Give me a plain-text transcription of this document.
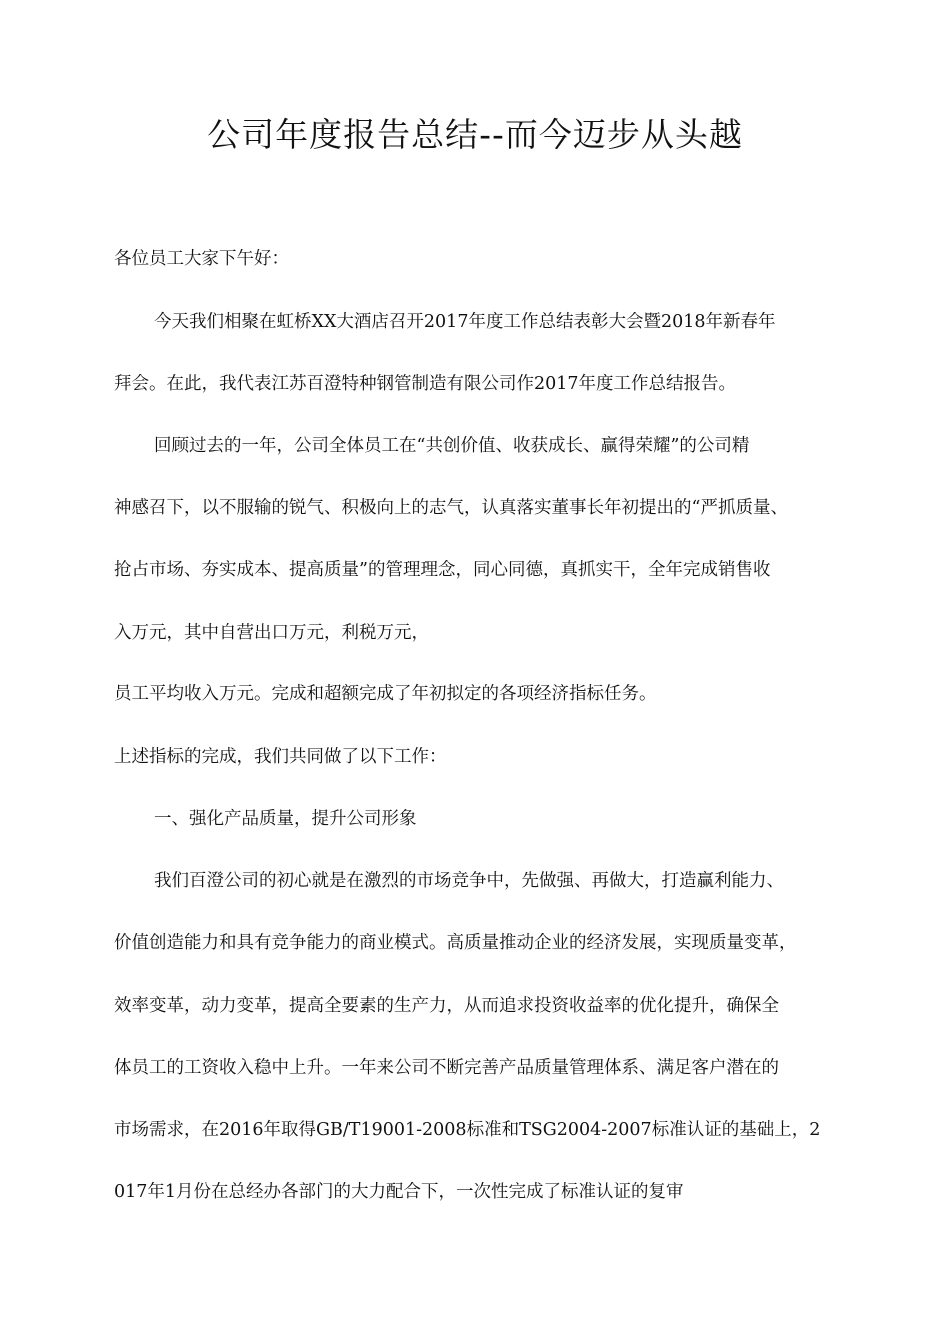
公司年度报告总结--而今迈步从头越

各位员工大家下午好：

今天我们相聚在虹桥XX大酒店召开2017年度工作总结表彰大会暨2018年新春年

拜会。在此，我代表江苏百澄特种钢管制造有限公司作2017年度工作总结报告。

回顾过去的一年，公司全体员工在“共创价值、收获成长、赢得荣耀”的公司精

神感召下，以不服输的锐气、积极向上的志气，认真落实董事长年初提出的“严抓质量、

抢占市场、夯实成本、提高质量”的管理理念，同心同德，真抓实干，全年完成销售收

入万元，其中自营出口万元，利税万元，

员工平均收入万元。完成和超额完成了年初拟定的各项经济指标任务。

上述指标的完成，我们共同做了以下工作：

一、强化产品质量，提升公司形象

我们百澄公司的初心就是在激烈的市场竞争中，先做强、再做大，打造赢利能力、

价值创造能力和具有竞争能力的商业模式。高质量推动企业的经济发展，实现质量变革，

效率变革，动力变革，提高全要素的生产力，从而追求投资收益率的优化提升，确保全

体员工的工资收入稳中上升。一年来公司不断完善产品质量管理体系、满足客户潜在的

市场需求，在2016年取得GB/T19001-2008标准和TSG2004-2007标准认证的基础上，2

017年1月份在总经办各部门的大力配合下，一次性完成了标准认证的复审
